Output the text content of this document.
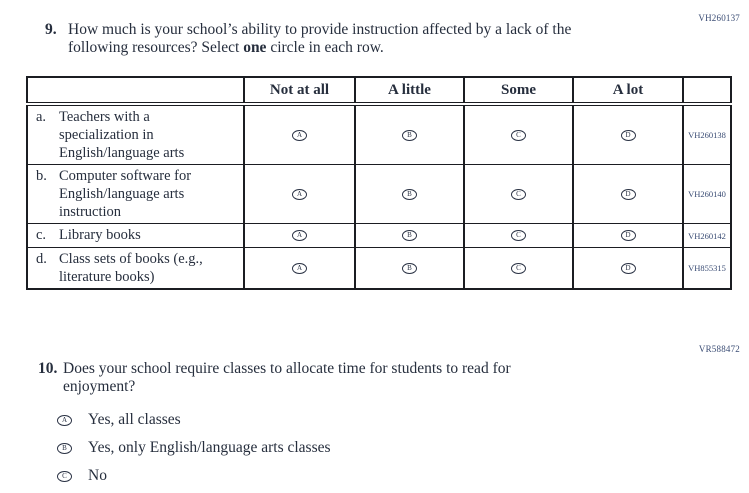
VH260137
9. How much is your school’s ability to provide instruction affected by a lack of the
following resources? Select one circle in each row.
	Not at all	A little	Some	A lot	

a. Teachers with a specialization in English/language arts	A	B	C	D	VH260138

b. Computer software for English/language arts instruction	A	B	C	D	VH260140

c. Library books	A	B	C	D	VH260142

d. Class sets of books (e.g., literature books)	A	B	C	D	VH855315
VR588472
10. Does your school require classes to allocate time for students to read for
enjoyment?
A	Yes, all classes
B	Yes, only English/language arts classes
C	No
